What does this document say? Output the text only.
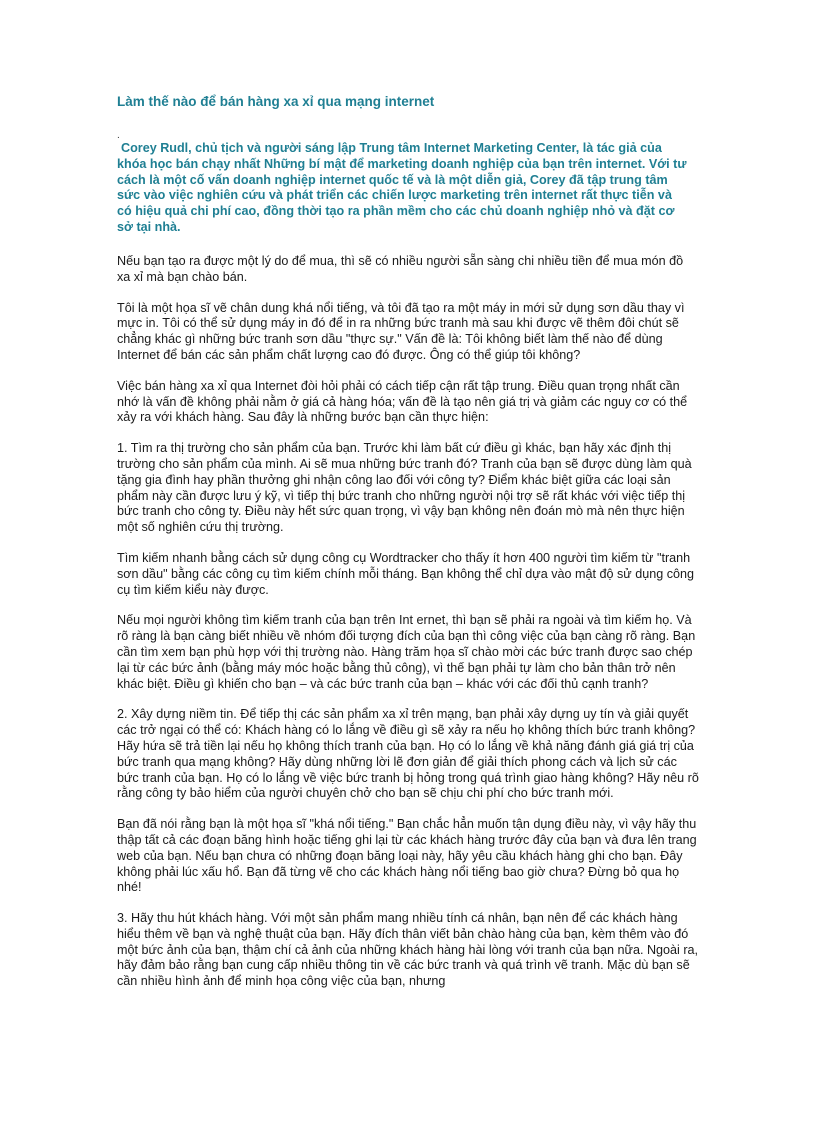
Làm thế nào để bán hàng xa xỉ qua mạng internet
.

Corey Rudl, chủ tịch và người sáng lập Trung tâm Internet Marketing Center, là tác giả của khóa học bán chạy nhất Những bí mật để marketing doanh nghiệp của bạn trên internet. Với tư cách là một cố vấn doanh nghiệp internet quốc tế và là một diễn giả, Corey đã tập trung tâm sức vào việc nghiên cứu và phát triển các chiến lược marketing trên internet rất thực tiễn và có hiệu quả chi phí cao, đồng thời tạo ra phần mềm cho các chủ doanh nghiệp nhỏ và đặt cơ sở tại nhà.

Nếu bạn tạo ra được một lý do để mua, thì sẽ có nhiều người sẵn sàng chi nhiều tiền để mua món đồ xa xỉ mà bạn chào bán.

Tôi là một họa sĩ vẽ chân dung khá nổi tiếng, và tôi đã tạo ra một máy in mới sử dụng sơn dầu thay vì mực in. Tôi có thể sử dụng máy in đó để in ra những bức tranh mà sau khi được vẽ thêm đôi chút sẽ chẳng khác gì những bức tranh sơn dầu "thực sự." Vấn đề là: Tôi không biết làm thế nào để dùng Internet để bán các sản phẩm chất lượng cao đó được. Ông có thể giúp tôi không?

Việc bán hàng xa xỉ qua Internet đòi hỏi phải có cách tiếp cận rất tập trung. Điều quan trọng nhất cần nhớ là vấn đề không phải nằm ở giá cả hàng hóa; vấn đề là tạo nên giá trị và giảm các nguy cơ có thể xảy ra với khách hàng. Sau đây là những bước bạn cần thực hiện:

1. Tìm ra thị trường cho sản phẩm của bạn. Trước khi làm bất cứ điều gì khác, bạn hãy xác định thị trường cho sản phẩm của mình. Ai sẽ mua những bức tranh đó? Tranh của bạn sẽ được dùng làm quà tặng gia đình hay phần thưởng ghi nhận công lao đối với công ty? Điểm khác biệt giữa các loại sản phẩm này cần được lưu ý kỹ, vì tiếp thị bức tranh cho những người nội trợ sẽ rất khác với việc tiếp thị bức tranh cho công ty. Điều này hết sức quan trọng, vì vậy bạn không nên đoán mò mà nên thực hiện một số nghiên cứu thị trường.

Tìm kiếm nhanh bằng cách sử dụng công cụ Wordtracker cho thấy ít hơn 400 người tìm kiếm từ "tranh sơn dầu" bằng các công cụ tìm kiếm chính mỗi tháng. Bạn không thể chỉ dựa vào mật độ sử dụng công cụ tìm kiếm kiểu này được.

Nếu mọi người không tìm kiếm tranh của bạn trên Int ernet, thì bạn sẽ phải ra ngoài và tìm kiếm họ. Và rõ ràng là bạn càng biết nhiều về nhóm đối tượng đích của bạn thì công việc của bạn càng rõ ràng. Bạn cần tìm xem bạn phù hợp với thị trường nào. Hàng trăm họa sĩ chào mời các bức tranh được sao chép lại từ các bức ảnh (bằng máy móc hoặc bằng thủ công), vì thế bạn phải tự làm cho bản thân trở nên khác biệt. Điều gì khiến cho bạn – và các bức tranh của bạn – khác với các đối thủ cạnh tranh?

2. Xây dựng niềm tin. Để tiếp thị các sản phẩm xa xỉ trên mạng, bạn phải xây dựng uy tín và giải quyết các trở ngại có thể có: Khách hàng có lo lắng về điều gì sẽ xảy ra nếu họ không thích bức tranh không? Hãy hứa sẽ trả tiền lại nếu họ không thích tranh của bạn. Họ có lo lắng về khả năng đánh giá giá trị của bức tranh qua mạng không? Hãy dùng những lời lẽ đơn giản để giải thích phong cách và lịch sử các bức tranh của bạn. Họ có lo lắng về việc bức tranh bị hỏng trong quá trình giao hàng không? Hãy nêu rõ rằng công ty bảo hiểm của người chuyên chở cho bạn sẽ chịu chi phí cho bức tranh mới.

Bạn đã nói rằng bạn là một họa sĩ "khá nổi tiếng." Bạn chắc hẳn muốn tận dụng điều này, vì vậy hãy thu thập tất cả các đoạn băng hình hoặc tiếng ghi lại từ các khách hàng trước đây của bạn và đưa lên trang web của bạn. Nếu bạn chưa có những đoạn băng loại này, hãy yêu cầu khách hàng ghi cho bạn. Đây không phải lúc xấu hổ. Bạn đã từng vẽ cho các khách hàng nổi tiếng bao giờ chưa? Đừng bỏ qua họ nhé!

3. Hãy thu hút khách hàng. Với một sản phẩm mang nhiều tính cá nhân, bạn nên để các khách hàng hiểu thêm về bạn và nghệ thuật của bạn. Hãy đích thân viết bản chào hàng của bạn, kèm thêm vào đó một bức ảnh của bạn, thậm chí cả ảnh của những khách hàng hài lòng với tranh của bạn nữa. Ngoài ra, hãy đảm bảo rằng bạn cung cấp nhiều thông tin về các bức tranh và quá trình vẽ tranh. Mặc dù bạn sẽ cần nhiều hình ảnh để minh họa công việc của bạn, nhưng
